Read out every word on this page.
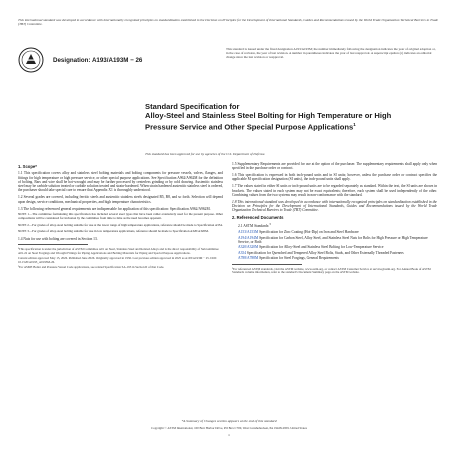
This international standard was developed in accordance with internationally recognized principles on standardization established in the Decision on Principles for the Development of International Standards, Guides and Recommendations issued by the World Trade Organization Technical Barriers to Trade (TBT) Committee.
Designation: A193/A193M − 26
This standard is issued under the fixed designation A193/A193M; the number immediately following the designation indicates the year of original adoption or, in the case of revision, the year of last revision. A number in parentheses indicates the year of last reapproval. A superscript epsilon (ε) indicates an editorial change since the last revision or reapproval.
Standard Specification for
Alloy-Steel and Stainless Steel Bolting for High Temperature or High Pressure Service and Other Special Purpose Applications$^1$
This standard has been approved for use by agencies of the U.S. Department of Defense.
1. Scope*

1.1 This specification covers alloy and stainless steel bolting materials and bolting components for pressure vessels, valves, flanges, and fittings for high temperature or high pressure service, or other special purpose applications. See Specification A962/A962M for the definition of bolting. Bars and wire shall be hot-wrought and may be further processed by centerless grinding or by cold drawing. Austenitic stainless steel may be carbide solution treated or carbide solution treated and strain-hardened. When strain hardened austenitic stainless steel is ordered, the purchaser should take special care to ensure that Appendix X1 is thoroughly understood.

1.2 Several grades are covered, including ferritic steels and austenitic stainless steels designated B5, B8, and so forth. Selection will depend upon design, service conditions, mechanical properties, and high temperature characteristics.

1.3 The following referenced general requirements are indispensable for application of this specification: Specification A962/A962M.

NOTE 1—The committee formulating this specification has included several steel types that have been rather extensively used for the present purpose. Other compositions will be considered for inclusion by the committee from time to time as the need becomes apparent.

NOTE 2—For grades of alloy-steel bolting suitable for use at the lower range of high temperature applications, reference should be made to Specification A354.

NOTE 3—For grades of alloy-steel bolting suitable for use in low temperature applications, reference should be made to Specification A320/A320M.

1.4 Nuts for use with bolting are covered in Section 13.

¹This specification is under the jurisdiction of ASTM Committee A01 on Steel, Stainless Steel and Related Alloys and is the direct responsibility of Subcommittee A01.22 on Steel Forgings and Wrought Fittings for Piping Applications and Bolting Materials for Piping and Special Purpose Applications.

Current edition approved May 15, 2026. Published June 2026. Originally approved in 1936. Last previous edition approved in 2025 as A193/A193M − 25. DOI: 10.1520/A0193_A0193M-26.

²For ASME Boiler and Pressure Vessel Code applications, see related Specification SA-193 in Section II of that Code.

1.5 Supplementary Requirements are provided for use at the option of the purchaser. The supplementary requirements shall apply only when specified in the purchase order or contract.

1.6 This specification is expressed in both inch-pound units and in SI units; however, unless the purchase order or contract specifies the applicable M specification designation (SI units), the inch-pound units shall apply.

1.7 The values stated in either SI units or inch-pound units are to be regarded separately as standard. Within the text, the SI units are shown in brackets. The values stated in each system may not be exact equivalents; therefore, each system shall be used independently of the other. Combining values from the two systems may result in non-conformance with the standard.

1.8 This international standard was developed in accordance with internationally recognized principles on standardization established in the Decision on Principles for the Development of International Standards, Guides and Recommendations issued by the World Trade Organization Technical Barriers to Trade (TBT) Committee.

2. Referenced Documents
2.1 ASTM Standards:$^3$
A153/A153M Specification for Zinc Coating (Hot-Dip) on Iron and Steel Hardware
A194/A194M Specification for Carbon Steel, Alloy Steel, and Stainless Steel Nuts for Bolts for High Pressure or High Temperature Service, or Both
A320/A320M Specification for Alloy-Steel and Stainless Steel Bolting for Low-Temperature Service
A354 Specification for Quenched and Tempered Alloy Steel Bolts, Studs, and Other Externally Threaded Fasteners
A788/A788M Specification for Steel Forgings, General Requirements

³For referenced ASTM standards, visit the ASTM website, www.astm.org, or contact ASTM Customer Service at service@astm.org. For Annual Book of ASTM Standards volume information, refer to the standard's Document Summary page on the ASTM website.

*A Summary of Changes section appears at the end of this standard
Copyright © ASTM International, 100 Barr Harbor Drive, PO Box C700, West Conshohocken, PA 19428-2959. United States
1
